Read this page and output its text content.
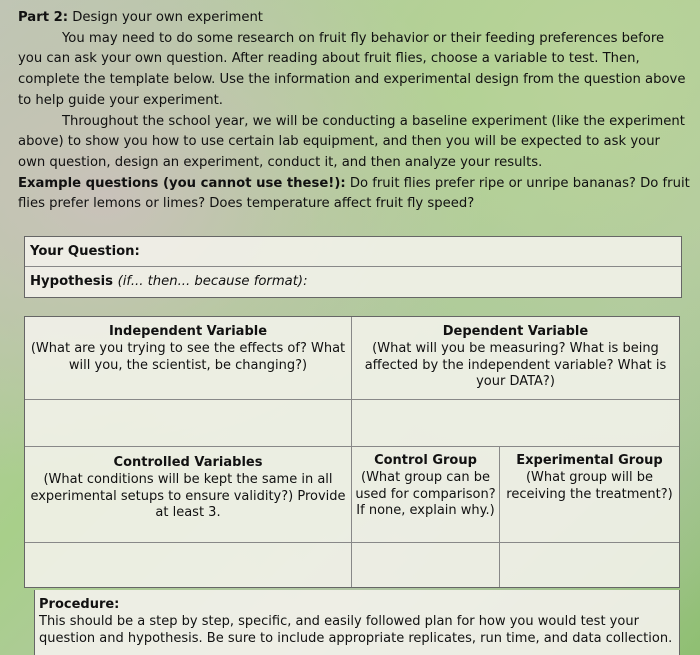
Part 2: Design your own experiment

You may need to do some research on fruit fly behavior or their feeding preferences before you can ask your own question. After reading about fruit flies, choose a variable to test. Then, complete the template below. Use the information and experimental design from the question above to help guide your experiment.

Throughout the school year, we will be conducting a baseline experiment (like the experiment above) to show you how to use certain lab equipment, and then you will be expected to ask your own question, design an experiment, conduct it, and then analyze your results.

Example questions (you cannot use these!): Do fruit flies prefer ripe or unripe bananas? Do fruit flies prefer lemons or limes? Does temperature affect fruit fly speed?

Your Question:
Hypothesis (if... then... because format):
Independent Variable
(What are you trying to see the effects of? What will you, the scientist, be changing?)
Dependent Variable
(What will you be measuring? What is being affected by the independent variable? What is your DATA?)
Controlled Variables
(What conditions will be kept the same in all experimental setups to ensure validity?) Provide at least 3.
Control Group
(What group can be used for comparison? If none, explain why.)
Experimental Group
(What group will be receiving the treatment?)
Procedure:
This should be a step by step, specific, and easily followed plan for how you would test your question and hypothesis. Be sure to include appropriate replicates, run time, and data collection.
